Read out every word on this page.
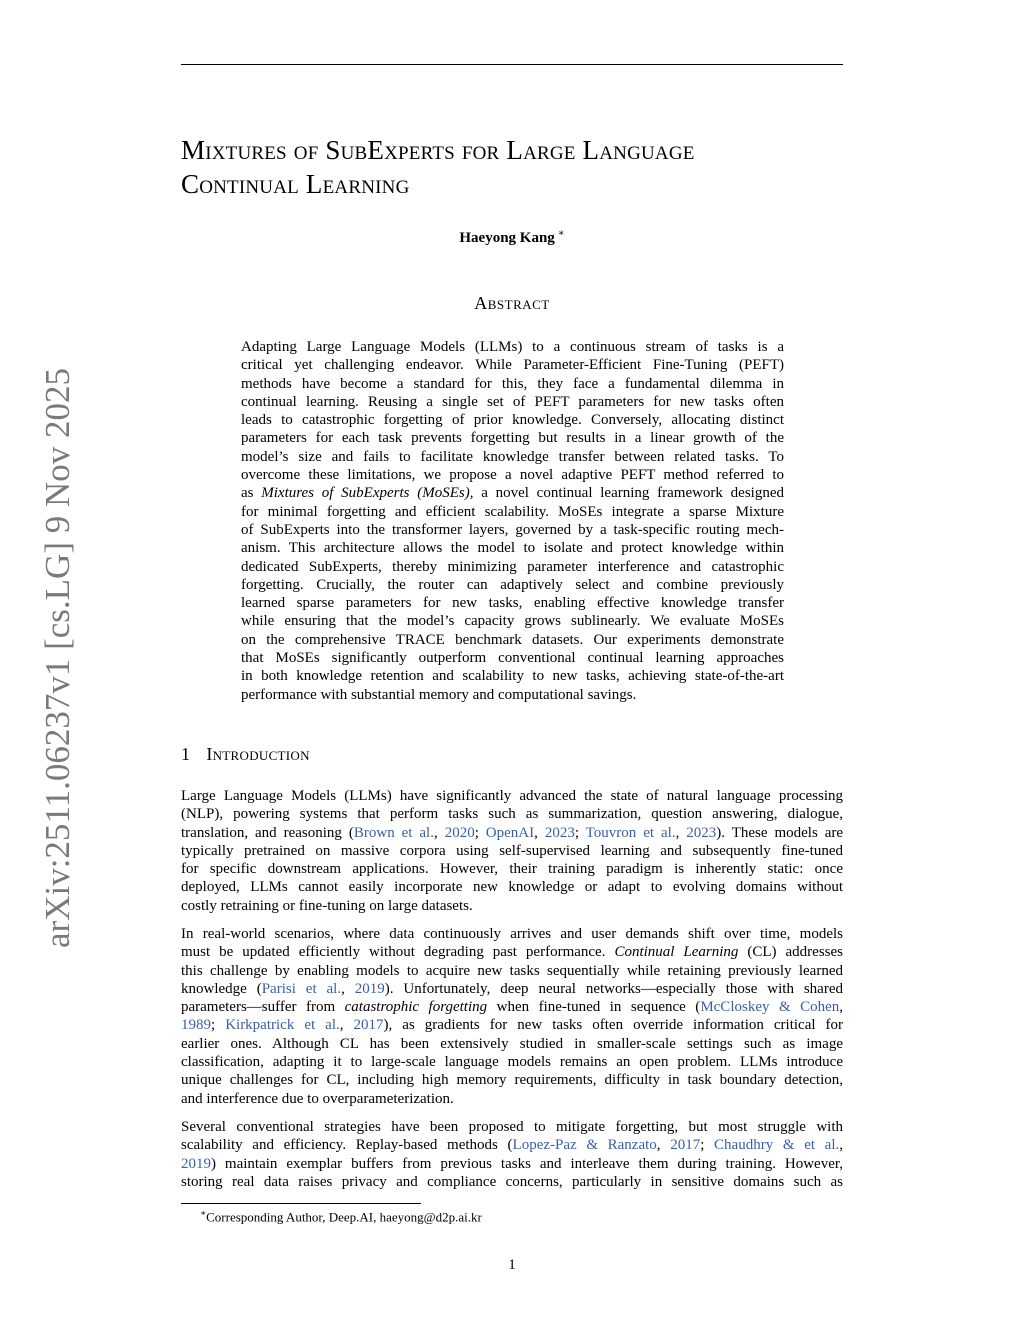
arXiv:2511.06237v1 [cs.LG] 9 Nov 2025
Mixtures of SubExperts for Large Language
Continual Learning
Haeyong Kang ∗
Abstract
Adapting Large Language Models (LLMs) to a continuous stream of tasks is a
critical yet challenging endeavor. While Parameter-Efficient Fine-Tuning (PEFT)
methods have become a standard for this, they face a fundamental dilemma in
continual learning. Reusing a single set of PEFT parameters for new tasks often
leads to catastrophic forgetting of prior knowledge. Conversely, allocating distinct
parameters for each task prevents forgetting but results in a linear growth of the
model’s size and fails to facilitate knowledge transfer between related tasks. To
overcome these limitations, we propose a novel adaptive PEFT method referred to
as Mixtures of SubExperts (MoSEs), a novel continual learning framework designed
for minimal forgetting and efficient scalability. MoSEs integrate a sparse Mixture
of SubExperts into the transformer layers, governed by a task-specific routing mech-
anism. This architecture allows the model to isolate and protect knowledge within
dedicated SubExperts, thereby minimizing parameter interference and catastrophic
forgetting. Crucially, the router can adaptively select and combine previously
learned sparse parameters for new tasks, enabling effective knowledge transfer
while ensuring that the model’s capacity grows sublinearly. We evaluate MoSEs
on the comprehensive TRACE benchmark datasets. Our experiments demonstrate
that MoSEs significantly outperform conventional continual learning approaches
in both knowledge retention and scalability to new tasks, achieving state-of-the-art
performance with substantial memory and computational savings.
1 Introduction
Large Language Models (LLMs) have significantly advanced the state of natural language processing
(NLP), powering systems that perform tasks such as summarization, question answering, dialogue,
translation, and reasoning (Brown et al., 2020; OpenAI, 2023; Touvron et al., 2023). These models are
typically pretrained on massive corpora using self-supervised learning and subsequently fine-tuned
for specific downstream applications. However, their training paradigm is inherently static: once
deployed, LLMs cannot easily incorporate new knowledge or adapt to evolving domains without
costly retraining or fine-tuning on large datasets.
In real-world scenarios, where data continuously arrives and user demands shift over time, models
must be updated efficiently without degrading past performance. Continual Learning (CL) addresses
this challenge by enabling models to acquire new tasks sequentially while retaining previously learned
knowledge (Parisi et al., 2019). Unfortunately, deep neural networks—especially those with shared
parameters—suffer from catastrophic forgetting when fine-tuned in sequence (McCloskey & Cohen,
1989; Kirkpatrick et al., 2017), as gradients for new tasks often override information critical for
earlier ones. Although CL has been extensively studied in smaller-scale settings such as image
classification, adapting it to large-scale language models remains an open problem. LLMs introduce
unique challenges for CL, including high memory requirements, difficulty in task boundary detection,
and interference due to overparameterization.
Several conventional strategies have been proposed to mitigate forgetting, but most struggle with
scalability and efficiency. Replay-based methods (Lopez-Paz & Ranzato, 2017; Chaudhry & et al.,
2019) maintain exemplar buffers from previous tasks and interleave them during training. However,
storing real data raises privacy and compliance concerns, particularly in sensitive domains such as
∗Corresponding Author, Deep.AI, haeyong@d2p.ai.kr
1
